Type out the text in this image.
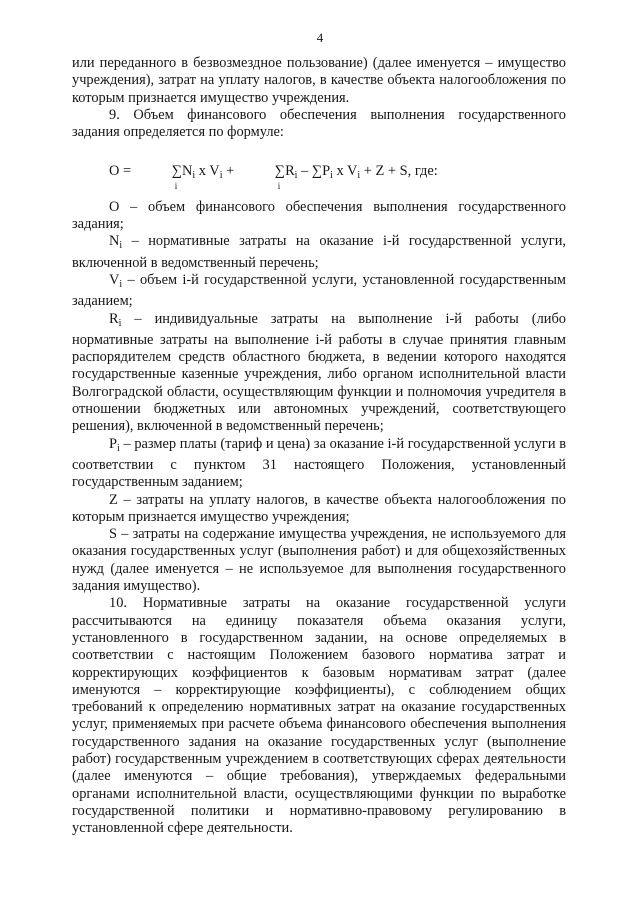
4

или переданного в безвозмездное пользование) (далее именуется – имущество учреждения), затрат на уплату налогов, в качестве объекта налогообложения по которым признается имущество учреждения.

9. Объем финансового обеспечения выполнения государственного задания определяется по формуле:

O =	∑
i
$N_i$ x $V_i$ +	∑
i
$R_i - \sum P_i$ x $V_i + Z + S$, где:

O – объем финансового обеспечения выполнения государственного задания;

$N_i$ – нормативные затраты на оказание i-й государственной услуги, включенной в ведомственный перечень;

$V_i$ – объем i-й государственной услуги, установленной государственным заданием;

$R_i$ – индивидуальные затраты на выполнение i-й работы (либо нормативные затраты на выполнение i-й работы в случае принятия главным распорядителем средств областного бюджета, в ведении которого находятся государственные казенные учреждения, либо органом исполнительной власти Волгоградской области, осуществляющим функции и полномочия учредителя в отношении бюджетных или автономных учреждений, соответствующего решения), включенной в ведомственный перечень;

$P_i$ – размер платы (тариф и цена) за оказание i-й государственной услуги в соответствии с пунктом 31 настоящего Положения, установленный государственным заданием;

Z – затраты на уплату налогов, в качестве объекта налогообложения по которым признается имущество учреждения;

S – затраты на содержание имущества учреждения, не используемого для оказания государственных услуг (выполнения работ) и для общехозяйственных нужд (далее именуется – не используемое для выполнения государственного задания имущество).

10. Нормативные затраты на оказание государственной услуги рассчитываются на единицу показателя объема оказания услуги, установленного в государственном задании, на основе определяемых в соответствии с настоящим Положением базового норматива затрат и корректирующих коэффициентов к базовым нормативам затрат (далее именуются – корректирующие коэффициенты), с соблюдением общих требований к определению нормативных затрат на оказание государственных услуг, применяемых при расчете объема финансового обеспечения выполнения государственного задания на оказание государственных услуг (выполнение работ) государственным учреждением в соответствующих сферах деятельности (далее именуются – общие требования), утверждаемых федеральными органами исполнительной власти, осуществляющими функции по выработке государственной политики и нормативно-правовому регулированию в установленной сфере деятельности.
